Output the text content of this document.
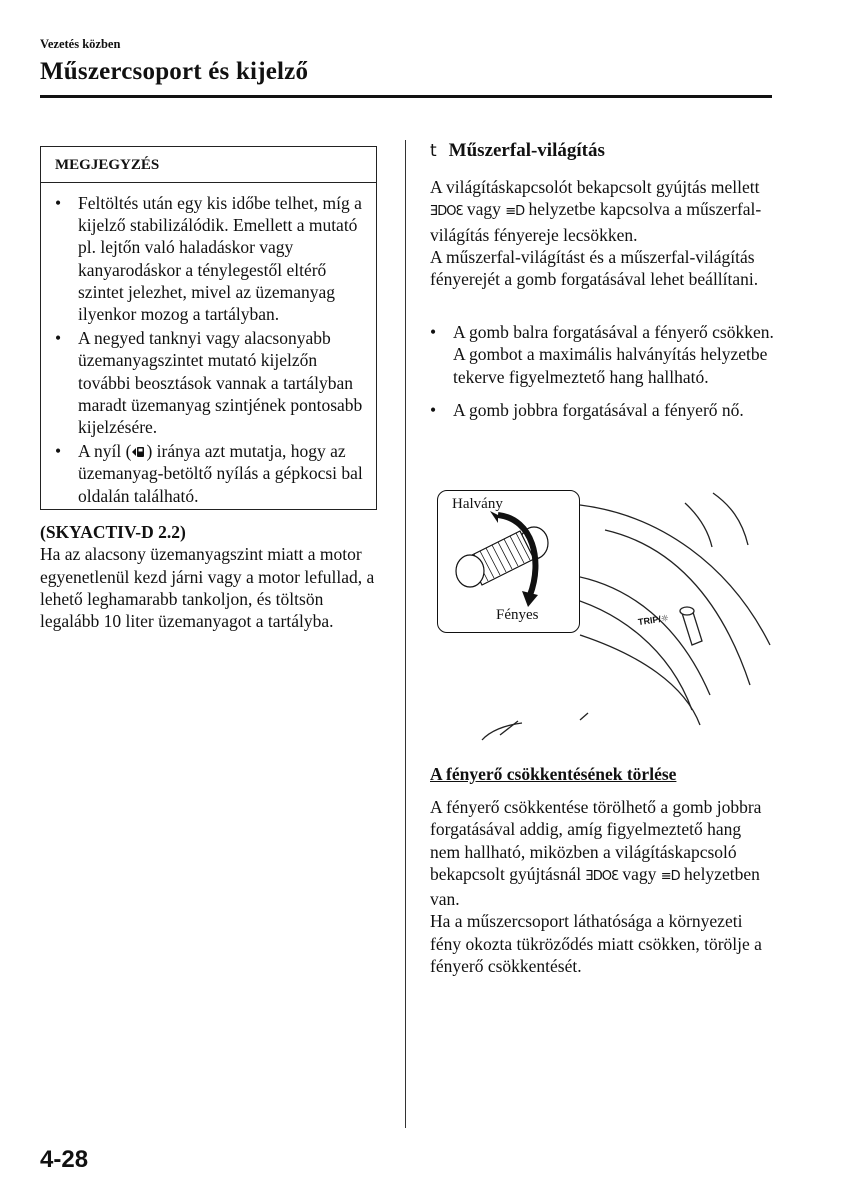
Vezetés közben
Műszercsoport és kijelző
MEGJEGYZÉS
• Feltöltés után egy kis időbe telhet, míg a kijelző stabilizálódik. Emellett a mutató pl. lejtőn való haladáskor vagy kanyarodáskor a ténylegestől eltérő szintet jelezhet, mivel az üzemanyag ilyenkor mozog a tartályban.
• A negyed tanknyi vagy alacsonyabb üzemanyagszintet mutató kijelzőn további beosztások vannak a tartályban maradt üzemanyag szintjének pontosabb kijelzésére.
• A nyíl ( ) iránya azt mutatja, hogy az üzemanyag-betöltő nyílás a gépkocsi bal oldalán található.
(SKYACTIV-D 2.2)
Ha az alacsony üzemanyagszint miatt a motor egyenetlenül kezd járni vagy a motor lefullad, a lehető leghamarabb tankoljon, és töltsön legalább 10 liter üzemanyagot a tartályba.
t Műszerfal-világítás
A világításkapcsolót bekapcsolt gyújtás mellett ƎDOƐ vagy ≡D helyzetbe kapcsolva a műszerfal-világítás fényereje lecsökken.
A műszerfal-világítást és a műszerfal-világítás fényerejét a gomb forgatásával lehet beállítani.
• A gomb balra forgatásával a fényerő csökken. A gombot a maximális halványítás helyzetbe tekerve figyelmeztető hang hallható.
• A gomb jobbra forgatásával a fényerő nő.
Halvány
Fényes	TRIP/☼
A fényerő csökkentésének törlése
A fényerő csökkentése törölhető a gomb jobbra forgatásával addig, amíg figyelmeztető hang nem hallható, miközben a világításkapcsoló bekapcsolt gyújtásnál ƎDOƐ vagy ≡D helyzetben van.
Ha a műszercsoport láthatósága a környezeti fény okozta tükröződés miatt csökken, törölje a fényerő csökkentését.
4-28
